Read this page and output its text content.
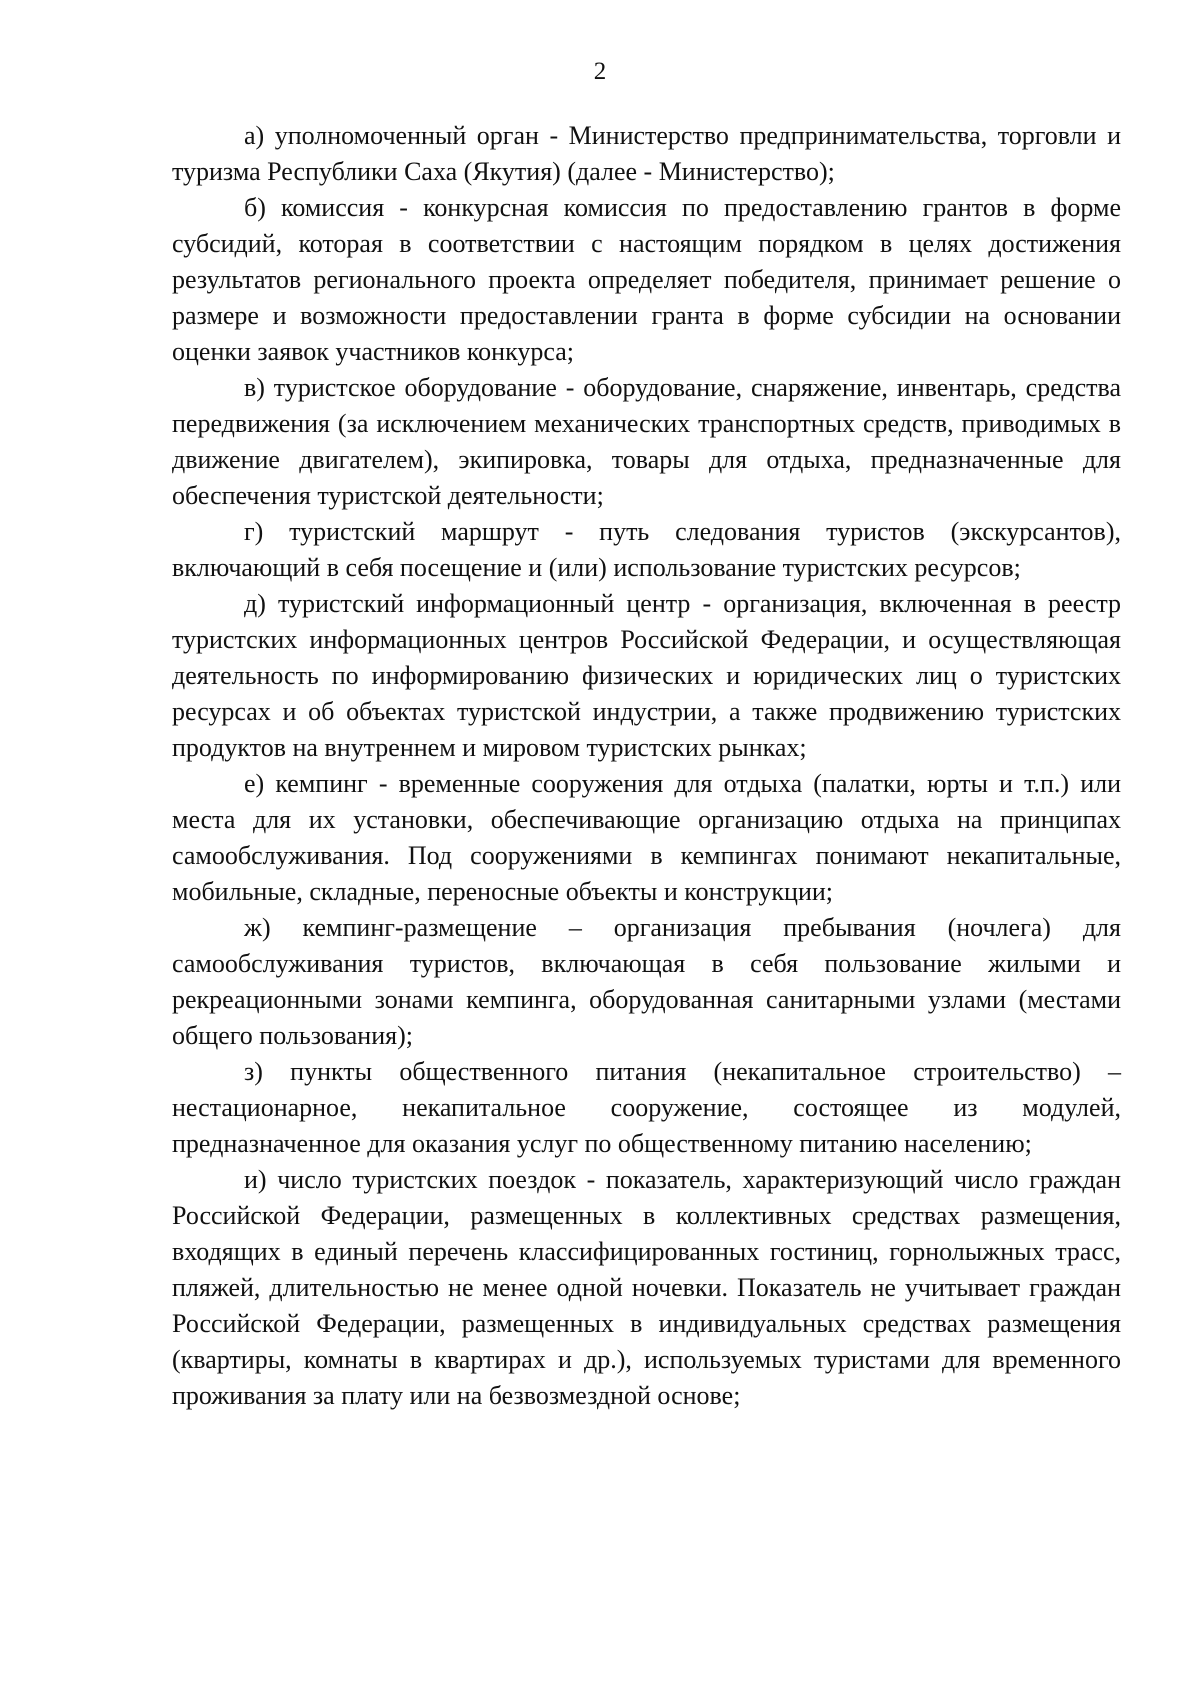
2

а) уполномоченный орган - Министерство предпринимательства, торговли и туризма Республики Саха (Якутия) (далее - Министерство);

б) комиссия - конкурсная комиссия по предоставлению грантов в форме субсидий, которая в соответствии с настоящим порядком в целях достижения результатов регионального проекта определяет победителя, принимает решение о размере и возможности предоставлении гранта в форме субсидии на основании оценки заявок участников конкурса;

в) туристское оборудование - оборудование, снаряжение, инвентарь, средства передвижения (за исключением механических транспортных средств, приводимых в движение двигателем), экипировка, товары для отдыха, предназначенные для обеспечения туристской деятельности;

г) туристский маршрут - путь следования туристов (экскурсантов), включающий в себя посещение и (или) использование туристских ресурсов;

д) туристский информационный центр - организация, включенная в реестр туристских информационных центров Российской Федерации, и осуществляющая деятельность по информированию физических и юридических лиц о туристских ресурсах и об объектах туристской индустрии, а также продвижению туристских продуктов на внутреннем и мировом туристских рынках;

е) кемпинг - временные сооружения для отдыха (палатки, юрты и т.п.) или места для их установки, обеспечивающие организацию отдыха на принципах самообслуживания. Под сооружениями в кемпингах понимают некапитальные, мобильные, складные, переносные объекты и конструкции;

ж) кемпинг-размещение – организация пребывания (ночлега) для самообслуживания туристов, включающая в себя пользование жилыми и рекреационными зонами кемпинга, оборудованная санитарными узлами (местами общего пользования);

з) пункты общественного питания (некапитальное строительство) – нестационарное, некапитальное сооружение, состоящее из модулей, предназначенное для оказания услуг по общественному питанию населению;

и) число туристских поездок - показатель, характеризующий число граждан Российской Федерации, размещенных в коллективных средствах размещения, входящих в единый перечень классифицированных гостиниц, горнолыжных трасс, пляжей, длительностью не менее одной ночевки. Показатель не учитывает граждан Российской Федерации, размещенных в индивидуальных средствах размещения (квартиры, комнаты в квартирах и др.), используемых туристами для временного проживания за плату или на безвозмездной основе;
